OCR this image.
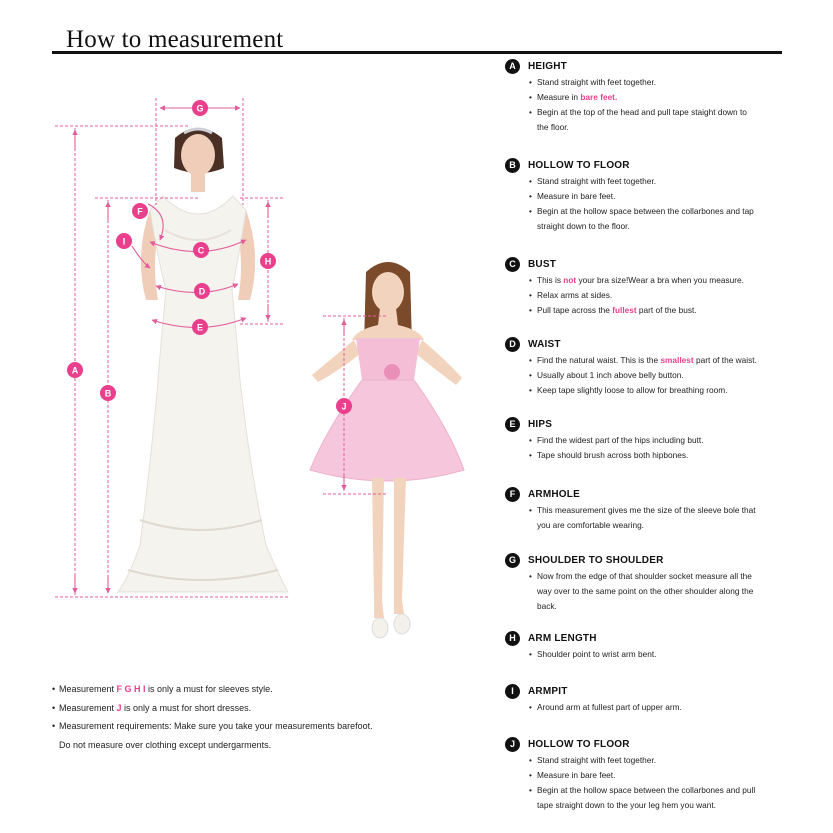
How to measurement
A
B
C
D
E
F
G
H
I
J
A	HEIGHT
• Stand straight with feet together.
• Measure in bare feet.
• Begin at the top of the head and pull tape staight down to
the floor.
B	HOLLOW TO FLOOR
• Stand straight with feet together.
• Measure in bare feet.
• Begin at the hollow space between the collarbones and tap
straight down to the floor.
C	BUST
• This is not your bra size!Wear a bra when you measure.
• Relax arms at sides.
• Pull tape across the fullest part of the bust.
D	WAIST
• Find the natural waist. This is the smallest part of the waist.
• Usually about 1 inch above belly button.
• Keep tape slightly loose to allow for breathing room.
E	HIPS
• Find the widest part of the hips including butt.
• Tape should brush across both hipbones.
F	ARMHOLE
• This measurement gives me the size of the sleeve bole that
you are comfortable wearing.
G	SHOULDER TO SHOULDER
• Now from the edge of that shoulder socket measure all the
way over to the same point on the other shoulder along the
back.
H	ARM LENGTH
• Shoulder point to wrist arm bent.
I	ARMPIT
• Around arm at fullest part of upper arm.
J	HOLLOW TO FLOOR
• Stand straight with feet together.
• Measure in bare feet.
• Begin at the hollow space between the collarbones and pull
tape straight down to the your leg hem you want.
• Measurement F G H I is only a must for sleeves style.
• Measurement J is only a must for short dresses.
• Measurement requirements: Make sure you take your measurements barefoot.
Do not measure over clothing except undergarments.
